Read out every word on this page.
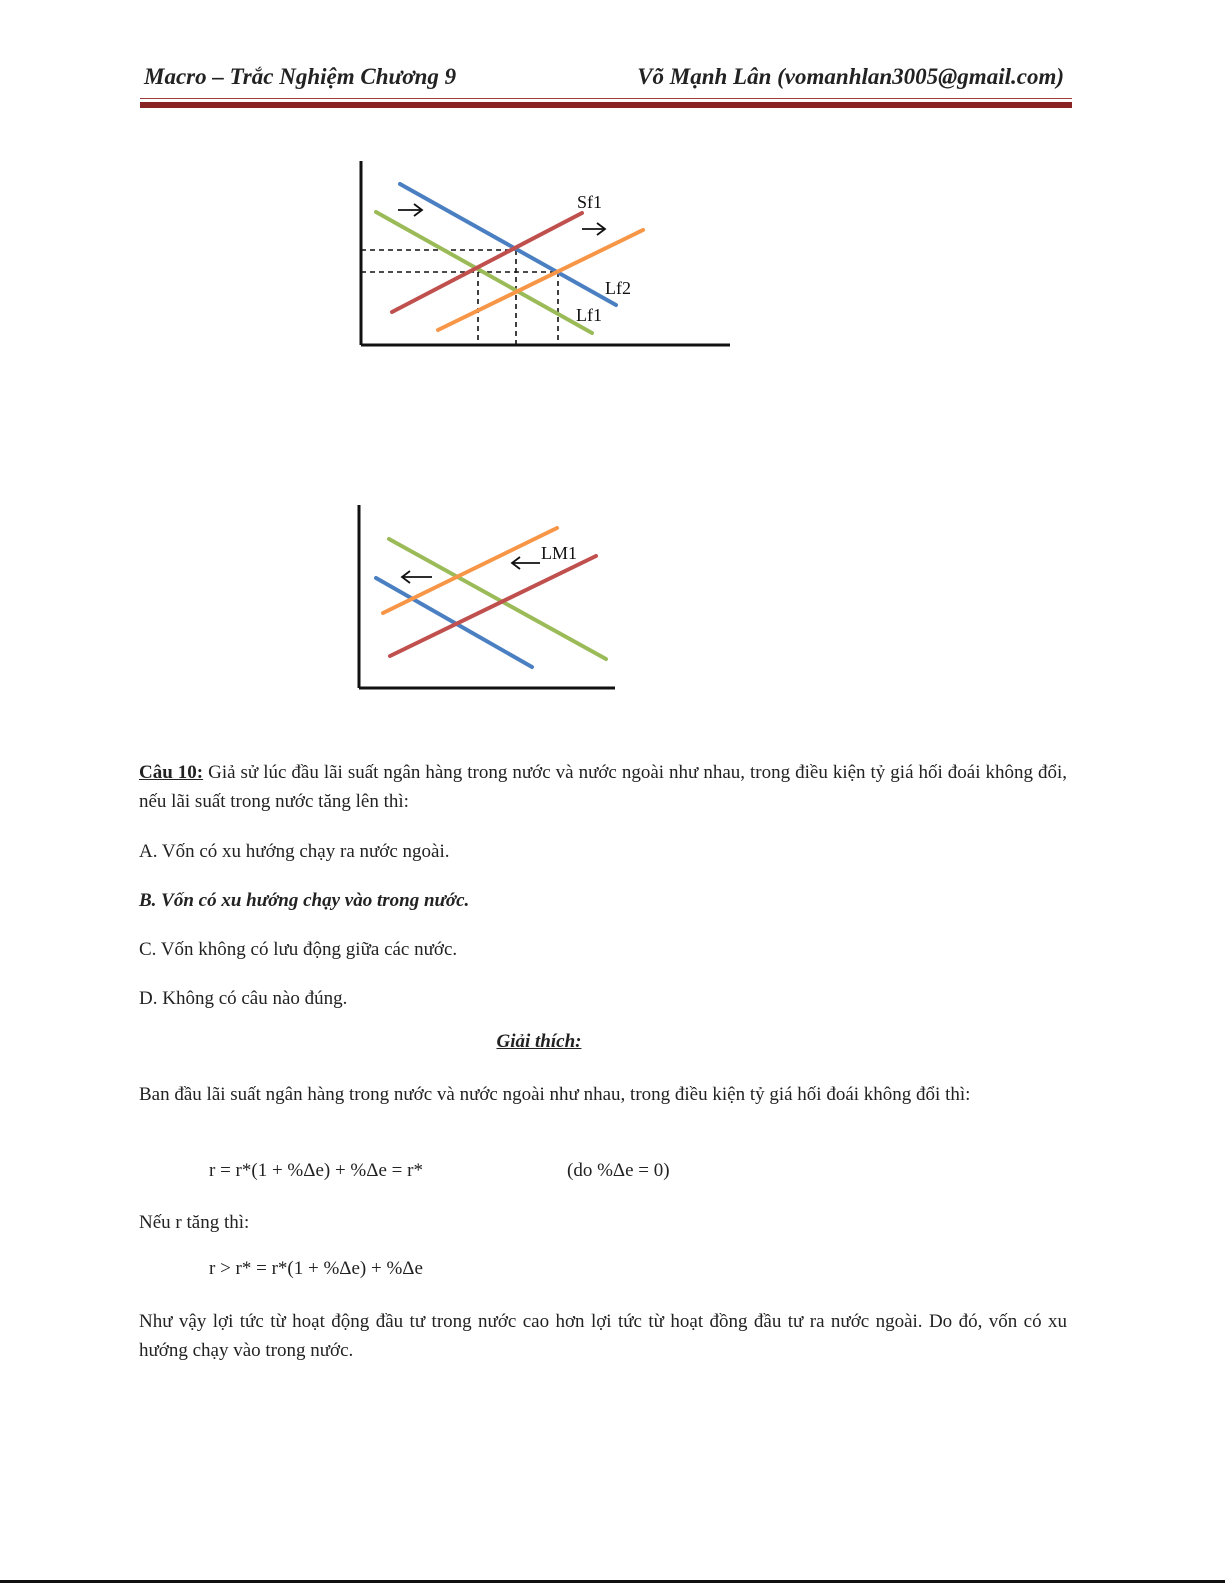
Macro – Trắc Nghiệm Chương 9	Võ Mạnh Lân (vomanhlan3005@gmail.com)
Sf1
Lf2
Lf1
LM1
Câu 10: Giả sử lúc đầu lãi suất ngân hàng trong nước và nước ngoài như nhau, trong điều kiện tỷ giá hối đoái không đổi, nếu lãi suất trong nước tăng lên thì:
A. Vốn có xu hướng chạy ra nước ngoài.
B. Vốn có xu hướng chạy vào trong nước.
C. Vốn không có lưu động giữa các nước.
D. Không có câu nào đúng.
Giải thích:
Ban đầu lãi suất ngân hàng trong nước và nước ngoài như nhau, trong điều kiện tỷ giá hối đoái không đổi thì:
r = r*(1 + %Δe) + %Δe = r*	(do %Δe = 0)
Nếu r tăng thì:
r > r* = r*(1 + %Δe) + %Δe
Như vậy lợi tức từ hoạt động đầu tư trong nước cao hơn lợi tức từ hoạt đồng đầu tư ra nước ngoài. Do đó, vốn có xu hướng chạy vào trong nước.
